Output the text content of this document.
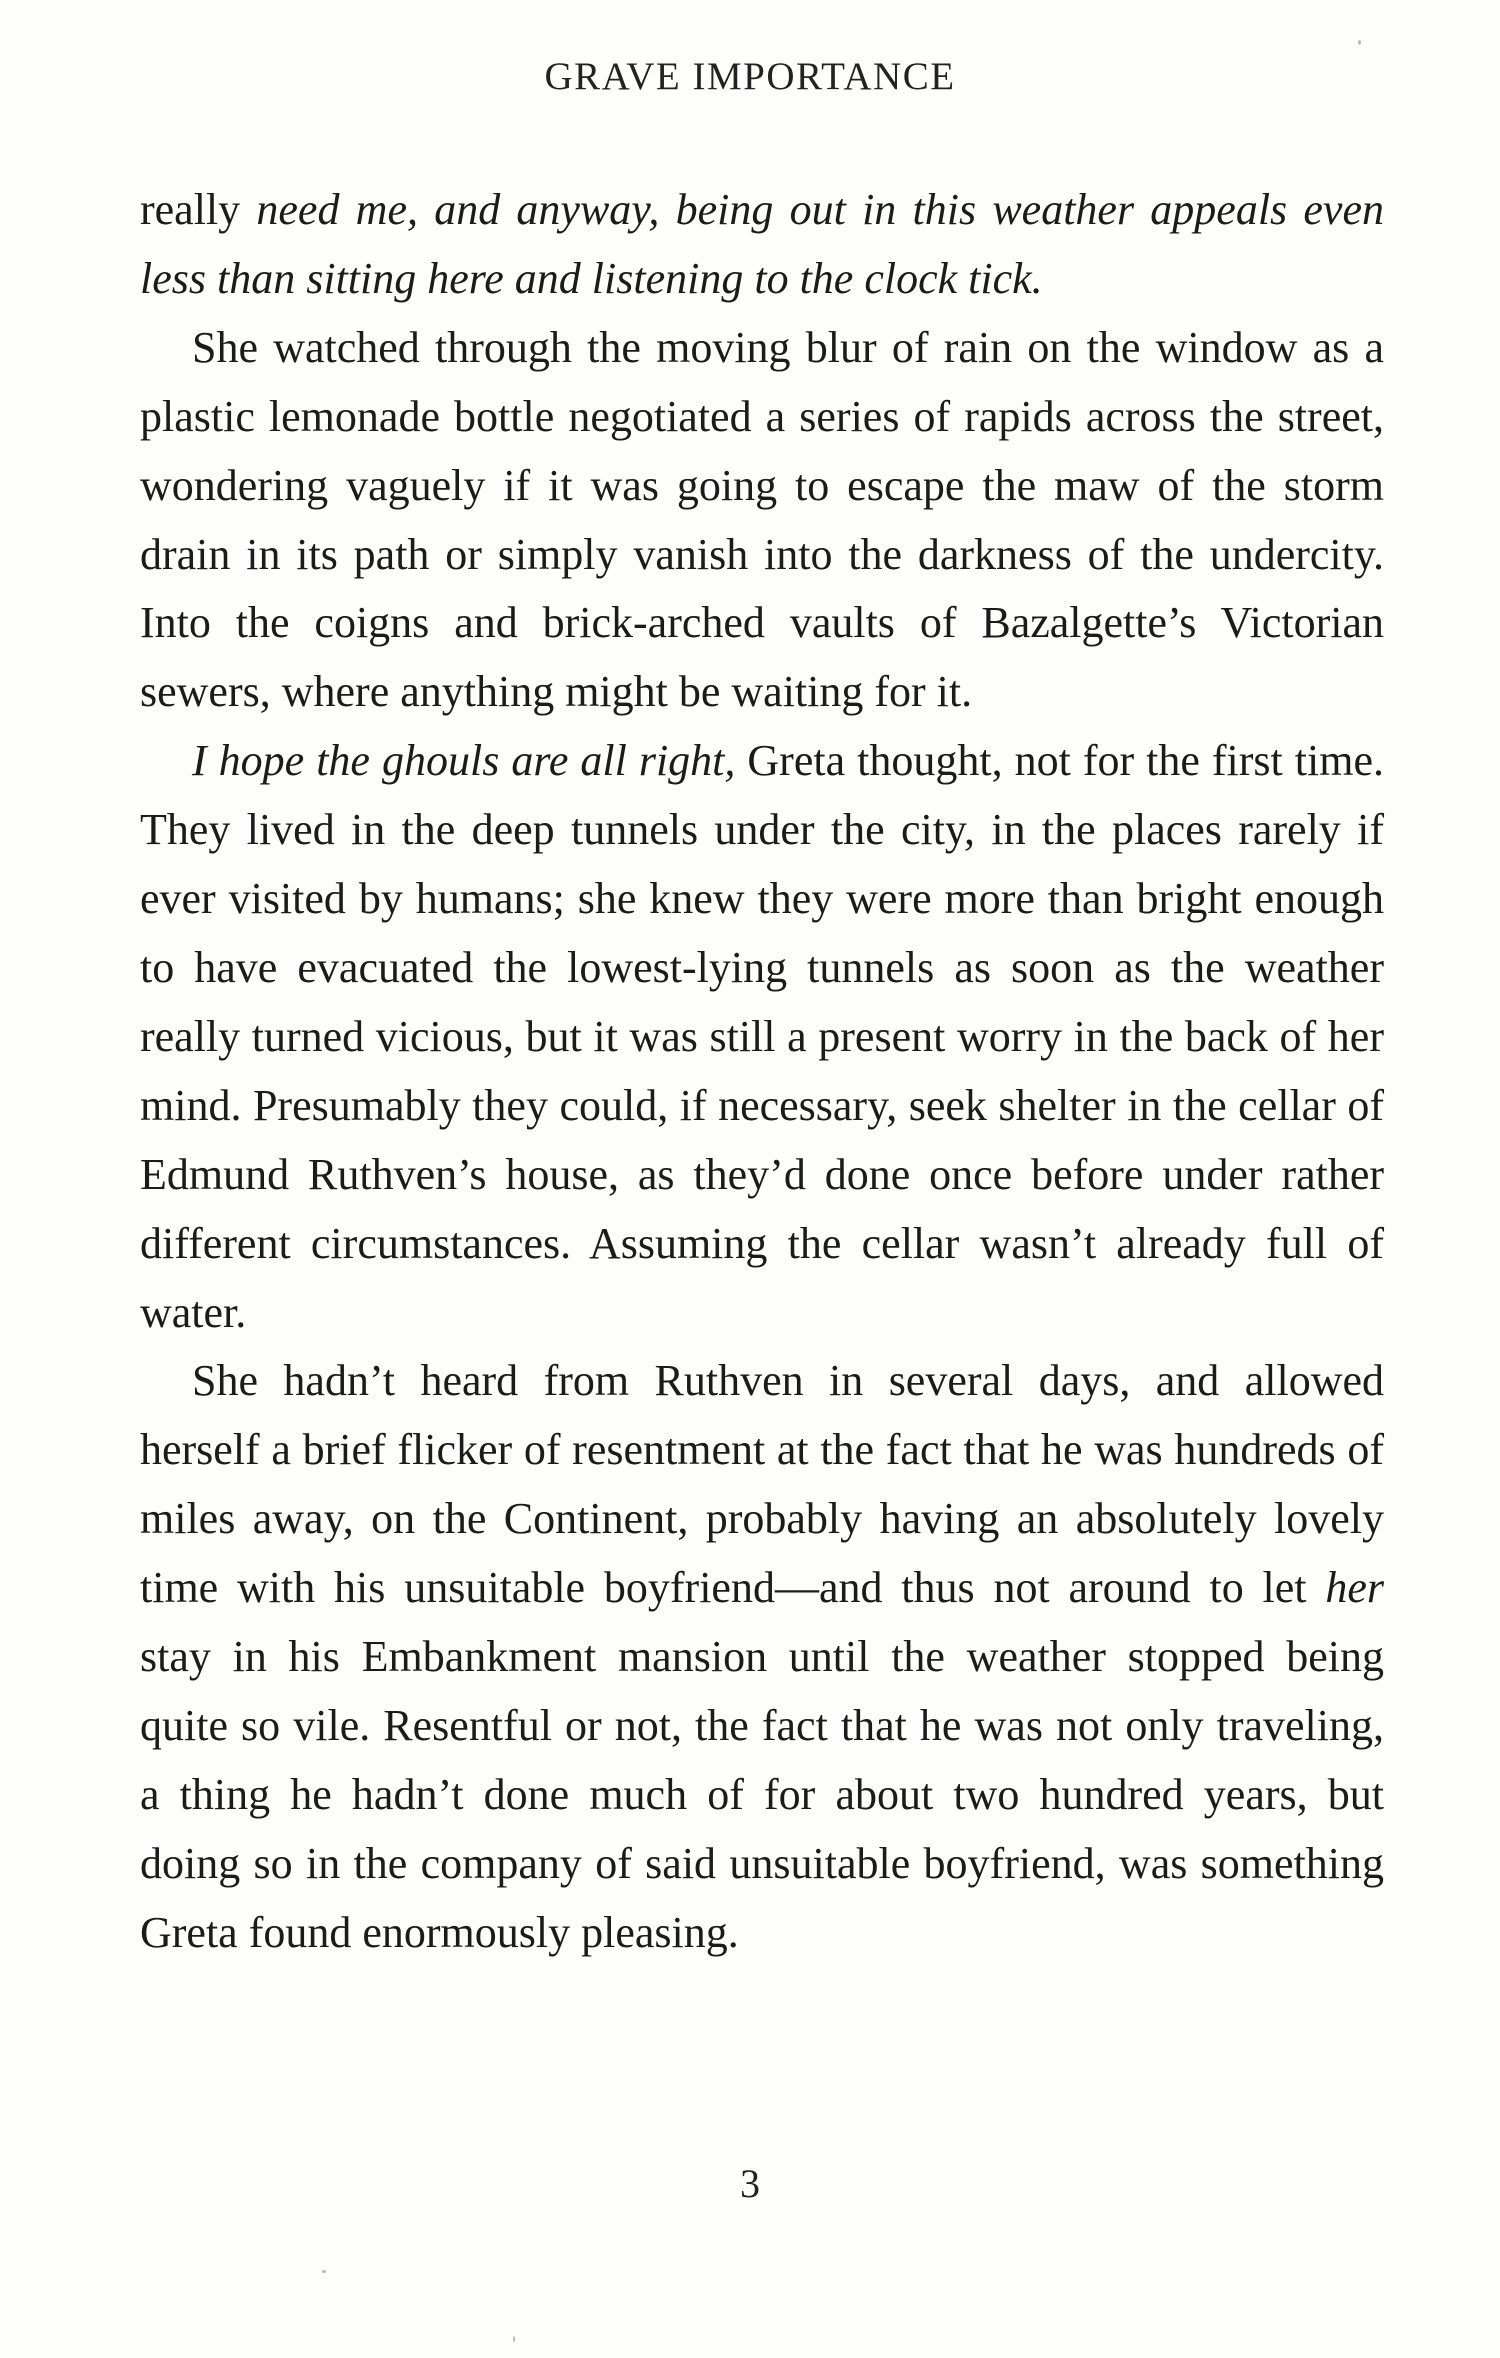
GRAVE IMPORTANCE

really need me, and anyway, being out in this weather appeals even less than sitting here and listening to the clock tick.

She watched through the moving blur of rain on the window as a plastic lemonade bottle negotiated a series of rapids across the street, wondering vaguely if it was going to escape the maw of the storm drain in its path or simply vanish into the darkness of the undercity. Into the coigns and brick-arched vaults of Bazalgette’s Victorian sewers, where anything might be waiting for it.

I hope the ghouls are all right, Greta thought, not for the first time. They lived in the deep tunnels under the city, in the places rarely if ever visited by humans; she knew they were more than bright enough to have evacuated the lowest-lying tunnels as soon as the weather really turned vicious, but it was still a present worry in the back of her mind. Presumably they could, if necessary, seek shelter in the cellar of Edmund Ruthven’s house, as they’d done once before under rather different circumstances. Assuming the cellar wasn’t already full of water.

She hadn’t heard from Ruthven in several days, and allowed herself a brief flicker of resentment at the fact that he was hundreds of miles away, on the Continent, probably having an absolutely lovely time with his unsuitable boyfriend—and thus not around to let her stay in his Embankment mansion until the weather stopped being quite so vile. Resentful or not, the fact that he was not only traveling, a thing he hadn’t done much of for about two hundred years, but doing so in the company of said unsuitable boyfriend, was something Greta found enormously pleasing.

3
